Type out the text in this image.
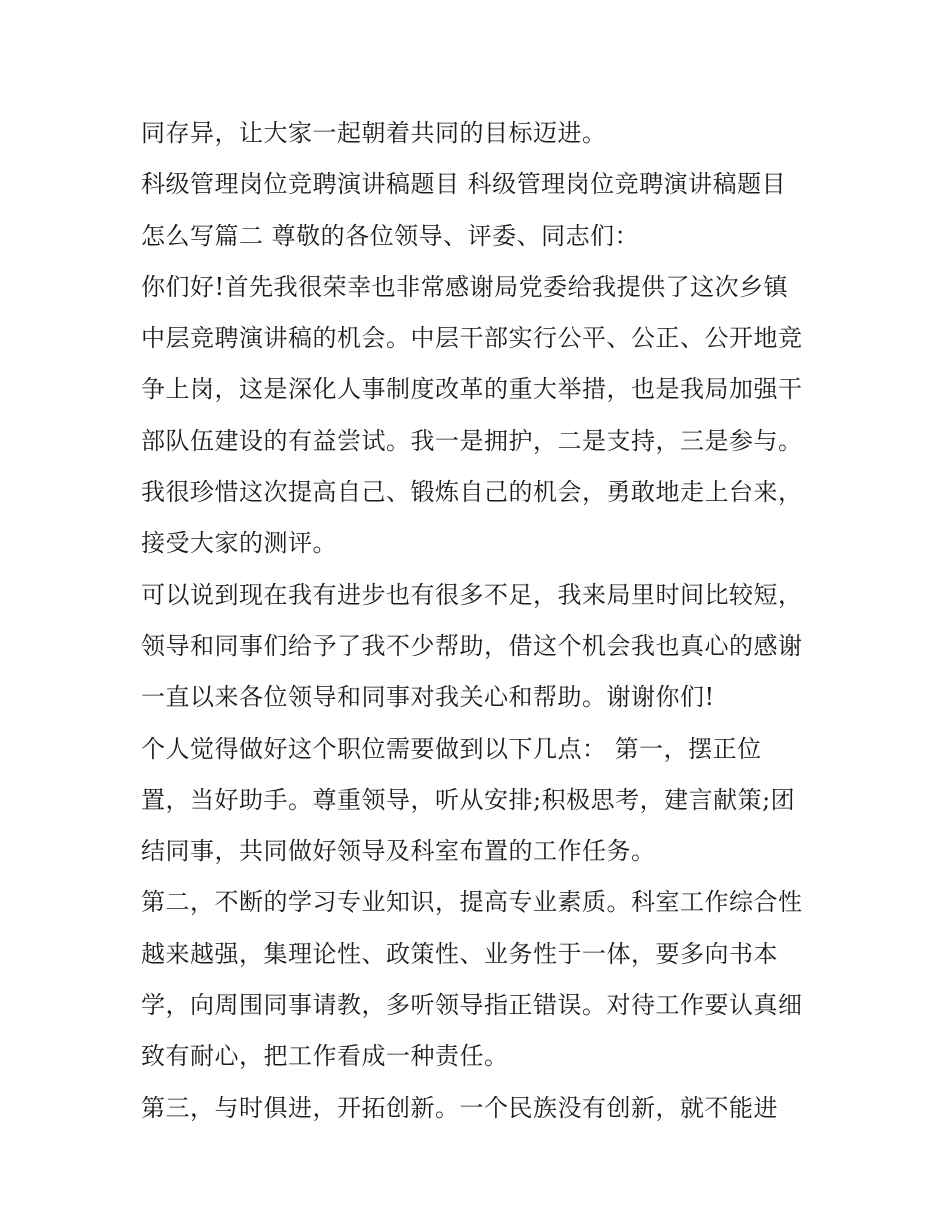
同存异，让大家一起朝着共同的目标迈进。
科级管理岗位竞聘演讲稿题目 科级管理岗位竞聘演讲稿题目
怎么写篇二 尊敬的各位领导、评委、同志们：
你们好!首先我很荣幸也非常感谢局党委给我提供了这次乡镇
中层竞聘演讲稿的机会。中层干部实行公平、公正、公开地竞
争上岗，这是深化人事制度改革的重大举措，也是我局加强干
部队伍建设的有益尝试。我一是拥护，二是支持，三是参与。
我很珍惜这次提高自己、锻炼自己的机会，勇敢地走上台来，
接受大家的测评。
可以说到现在我有进步也有很多不足，我来局里时间比较短，
领导和同事们给予了我不少帮助，借这个机会我也真心的感谢
一直以来各位领导和同事对我关心和帮助。谢谢你们!
个人觉得做好这个职位需要做到以下几点： 第一，摆正位
置，当好助手。尊重领导，听从安排;积极思考，建言献策;团
结同事，共同做好领导及科室布置的工作任务。
第二，不断的学习专业知识，提高专业素质。科室工作综合性
越来越强，集理论性、政策性、业务性于一体，要多向书本
学，向周围同事请教，多听领导指正错误。对待工作要认真细
致有耐心，把工作看成一种责任。
第三，与时俱进，开拓创新。一个民族没有创新，就不能进
